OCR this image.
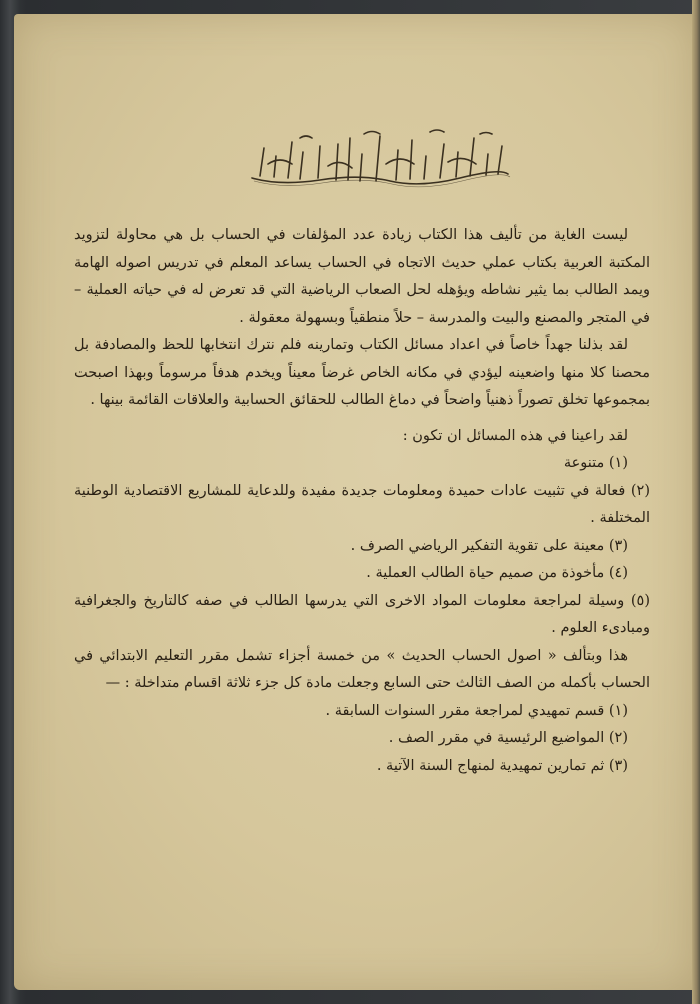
ليست الغاية من تأليف هذا الكتاب زيادة عدد المؤلفات في الحساب بل هي محاولة لتزويد المكتبة العربية بكتاب عملي حديث الاتجاه في الحساب يساعد المعلم في تدريس اصوله الهامة ويمد الطالب بما يثير نشاطه ويؤهله لحل الصعاب الرياضية التي قد تعرض له في حياته العملية – في المتجر والمصنع والبيت والمدرسة – حلاً منطقياً وبسهولة معقولة .

لقد بذلنا جهداً خاصاً في اعداد مسائل الكتاب وتمارينه فلم نترك انتخابها للحظ والمصادفة بل محصنا كلا منها واضعينه ليؤدي في مكانه الخاص غرضاً معيناً ويخدم هدفاً مرسوماً وبهذا اصبحت بمجموعها تخلق تصوراً ذهنياً واضحاً في دماغ الطالب للحقائق الحسابية والعلاقات القائمة بينها .

لقد راعينا في هذه المسائل ان تكون :

(١) متنوعة

(٢) فعالة في تثبيت عادات حميدة ومعلومات جديدة مفيدة وللدعاية للمشاريع الاقتصادية الوطنية المختلفة .

(٣) معينة على تقوية التفكير الرياضي الصرف .

(٤) مأخوذة من صميم حياة الطالب العملية .

(٥) وسيلة لمراجعة معلومات المواد الاخرى التي يدرسها الطالب في صفه كالتاريخ والجغرافية ومبادىء العلوم .

هذا وبتألف « اصول الحساب الحديث » من خمسة أجزاء تشمل مقرر التعليم الابتدائي في الحساب بأكمله من الصف الثالث حتى السابع وجعلت مادة كل جزء ثلاثة اقسام متداخلة : —

(١) قسم تمهيدي لمراجعة مقرر السنوات السابقة .

(٢) المواضيع الرئيسية في مقرر الصف .

(٣) ثم تمارين تمهيدية لمنهاج السنة الآتية .
